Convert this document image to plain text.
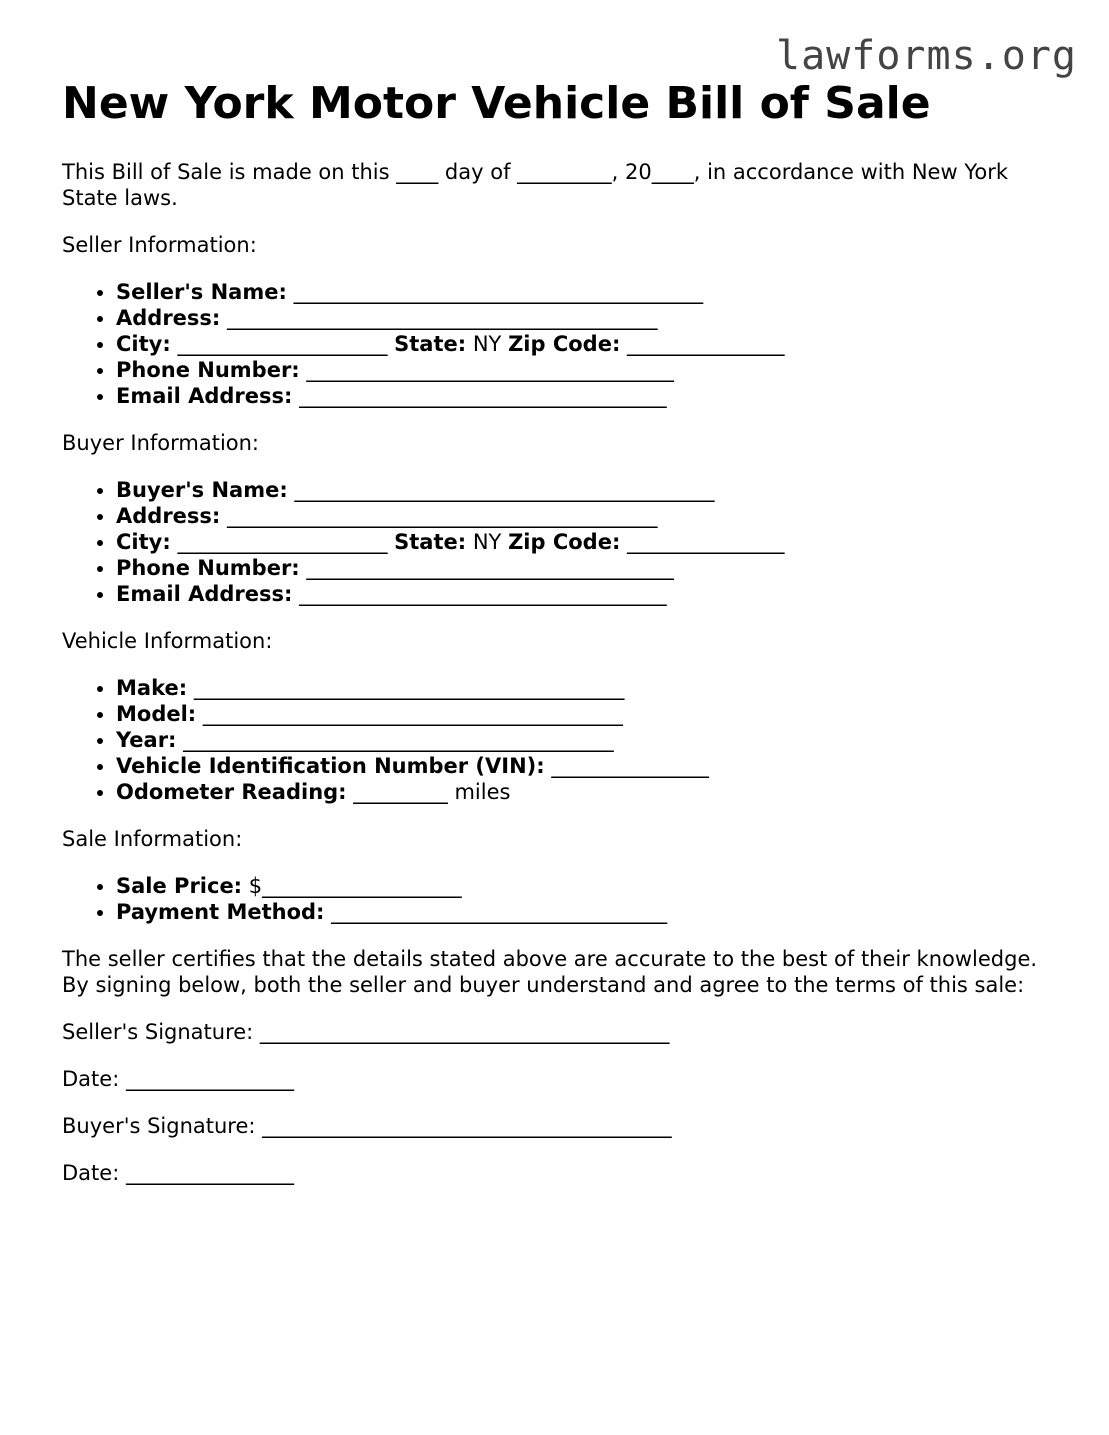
lawforms.org
New York Motor Vehicle Bill of Sale

This Bill of Sale is made on this ____ day of _________, 20____, in accordance with New York State laws.

Seller Information:

• Seller's Name: _______________________________________
• Address: _________________________________________
• City: ____________________ State: NY Zip Code: _______________
• Phone Number: ___________________________________
• Email Address: ___________________________________

Buyer Information:

• Buyer's Name: ________________________________________
• Address: _________________________________________
• City: ____________________ State: NY Zip Code: _______________
• Phone Number: ___________________________________
• Email Address: ___________________________________

Vehicle Information:

• Make: _________________________________________
• Model: ________________________________________
• Year: _________________________________________
• Vehicle Identification Number (VIN): _______________
• Odometer Reading: _________ miles

Sale Information:

• Sale Price: $___________________
• Payment Method: ________________________________

The seller certifies that the details stated above are accurate to the best of their knowledge. By signing below, both the seller and buyer understand and agree to the terms of this sale:

Seller's Signature: _______________________________________

Date: ________________

Buyer's Signature: _______________________________________

Date: ________________
